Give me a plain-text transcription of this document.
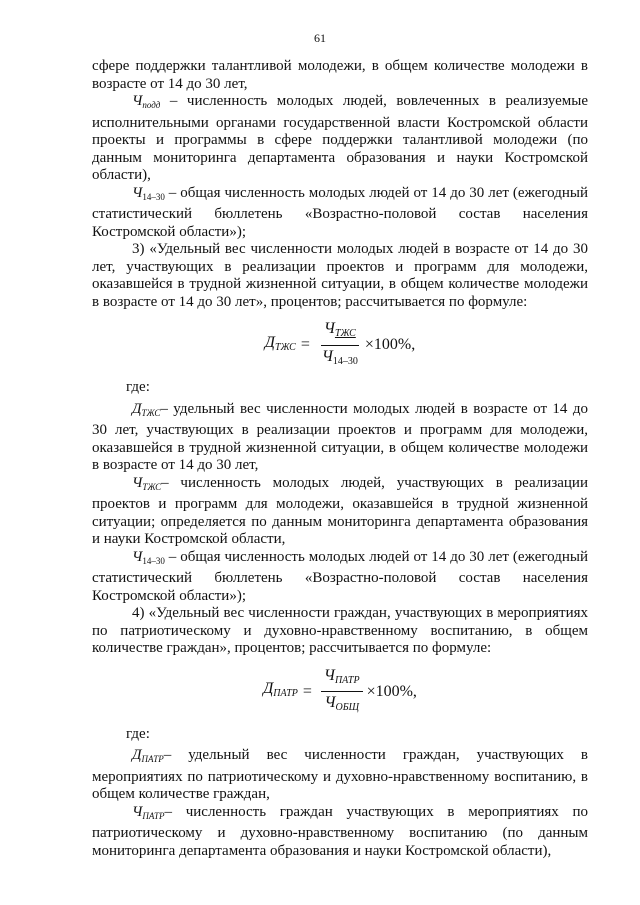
61

сфере поддержки талантливой молодежи, в общем количестве молодежи в возрасте от 14 до 30 лет,

$Ч_{подд}$ – численность молодых людей, вовлеченных в реализуемые исполнительными органами государственной власти Костромской области проекты и программы в сфере поддержки талантливой молодежи (по данным мониторинга департамента образования и науки Костромской области),

$Ч_{14-30}$ – общая численность молодых людей от 14 до 30 лет (ежегодный статистический бюллетень «Возрастно-половой состав населения Костромской области»);

3) «Удельный вес численности молодых людей в возрасте от 14 до 30 лет, участвующих в реализации проектов и программ для молодежи, оказавшейся в трудной жизненной ситуации, в общем количестве молодежи в возрасте от 14 до 30 лет», процентов; рассчитывается по формуле:

$Д_{ТЖС} = \frac{Ч_{ТЖС}}{Ч_{14-30}} \times 100\%$,

где:

$Д_{ТЖС}-$ удельный вес численности молодых людей в возрасте от 14 до 30 лет, участвующих в реализации проектов и программ для молодежи, оказавшейся в трудной жизненной ситуации, в общем количестве молодежи в возрасте от 14 до 30 лет,

$Ч_{ТЖС}-$ численность молодых людей, участвующих в реализации проектов и программ для молодежи, оказавшейся в трудной жизненной ситуации; определяется по данным мониторинга департамента образования и науки Костромской области,

$Ч_{14-30}$ – общая численность молодых людей от 14 до 30 лет (ежегодный статистический бюллетень «Возрастно-половой состав населения Костромской области»);

4) «Удельный вес численности граждан, участвующих в мероприятиях по патриотическому и духовно-нравственному воспитанию, в общем количестве граждан», процентов; рассчитывается по формуле:

$Д_{ПАТР} = \frac{Ч_{ПАТР}}{Ч_{ОБЩ}} \times 100\%$,

где:

$Д_{ПАТР}-$ удельный вес численности граждан, участвующих в мероприятиях по патриотическому и духовно-нравственному воспитанию, в общем количестве граждан,

$Ч_{ПАТР}-$ численность граждан участвующих в мероприятиях по патриотическому и духовно-нравственному воспитанию (по данным мониторинга департамента образования и науки Костромской области),
